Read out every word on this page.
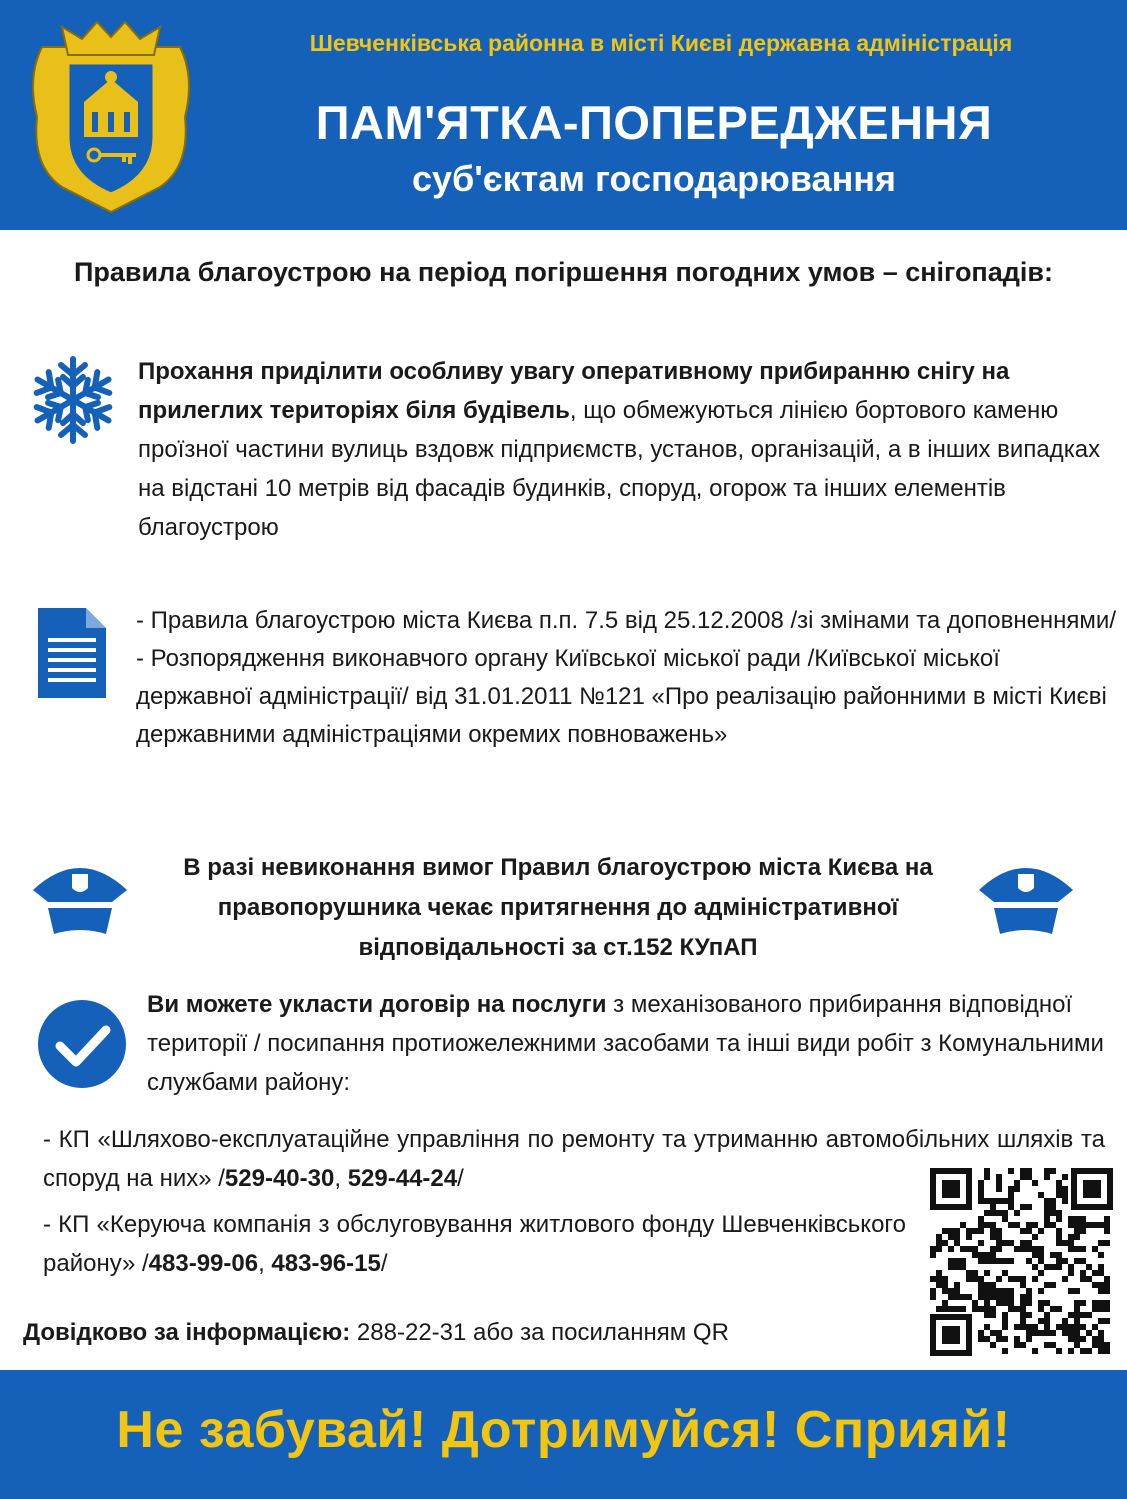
Шевченківська районна в місті Києві державна адміністрація
ПАМ'ЯТКА-ПОПЕРЕДЖЕННЯ
суб'єктам господарювання
Правила благоустрою на період погіршення погодних умов – снігопадів:
Прохання приділити особливу увагу оперативному прибиранню снігу на прилеглих територіях біля будівель, що обмежуються лінією бортового каменю проїзної частини вулиць вздовж підприємств, установ, організацій, а в інших випадках на відстані 10 метрів від фасадів будинків, споруд, огорож та інших елементів благоустрою
- Правила благоустрою міста Києва п.п. 7.5 від 25.12.2008 /зі змінами та доповненнями/
- Розпорядження виконавчого органу Київської міської ради /Київської міської державної адміністрації/ від 31.01.2011 №121 «Про реалізацію районними в місті Києві державними адміністраціями окремих повноважень»
В разі невиконання вимог Правил благоустрою міста Києва на правопорушника чекає притягнення до адміністративної відповідальності за ст.152 КУпАП
Ви можете укласти договір на послуги з механізованого прибирання відповідної території / посипання протиожележними засобами та інші види робіт з Комунальними службами району:
- КП «Шляхово-експлуатаційне управління по ремонту та утриманню автомобільних шляхів та споруд на них» /529-40-30, 529-44-24/
- КП «Керуюча компанія з обслуговування житлового фонду Шевченківського району» /483-99-06, 483-96-15/
Довідково за інформацією: 288-22-31 або за посиланням QR
Не забувай! Дотримуйся! Сприяй!
